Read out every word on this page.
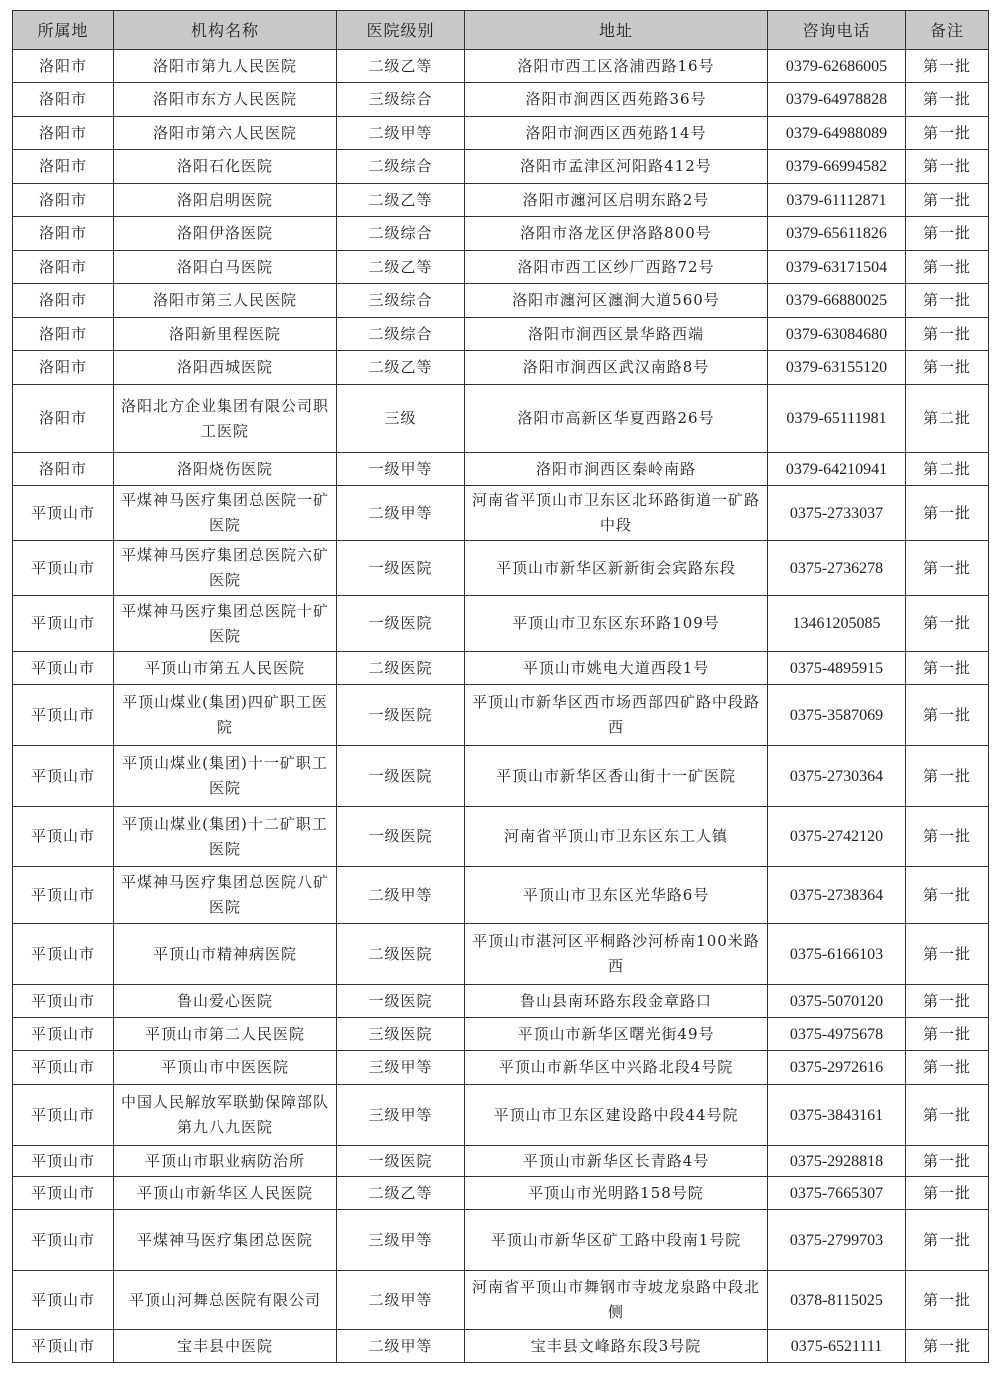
所属地	机构名称	医院级别	地址	咨询电话	备注
洛阳市	洛阳市第九人民医院	二级乙等	洛阳市西工区洛浦西路16号	0379-62686005	第一批
洛阳市	洛阳市东方人民医院	三级综合	洛阳市涧西区西苑路36号	0379-64978828	第一批
洛阳市	洛阳市第六人民医院	二级甲等	洛阳市涧西区西苑路14号	0379-64988089	第一批
洛阳市	洛阳石化医院	二级综合	洛阳市孟津区河阳路412号	0379-66994582	第一批
洛阳市	洛阳启明医院	二级乙等	洛阳市瀍河区启明东路2号	0379-61112871	第一批
洛阳市	洛阳伊洛医院	二级综合	洛阳市洛龙区伊洛路800号	0379-65611826	第一批
洛阳市	洛阳白马医院	二级乙等	洛阳市西工区纱厂西路72号	0379-63171504	第一批
洛阳市	洛阳市第三人民医院	三级综合	洛阳市瀍河区瀍涧大道560号	0379-66880025	第一批
洛阳市	洛阳新里程医院	二级综合	洛阳市涧西区景华路西端	0379-63084680	第一批
洛阳市	洛阳西城医院	二级乙等	洛阳市涧西区武汉南路8号	0379-63155120	第一批
洛阳市	洛阳北方企业集团有限公司职工医院	三级	洛阳市高新区华夏西路26号	0379-65111981	第二批
洛阳市	洛阳烧伤医院	一级甲等	洛阳市涧西区秦岭南路	0379-64210941	第二批
平顶山市	平煤神马医疗集团总医院一矿医院	二级甲等	河南省平顶山市卫东区北环路街道一矿路中段	0375-2733037	第一批
平顶山市	平煤神马医疗集团总医院六矿医院	一级医院	平顶山市新华区新新街会宾路东段	0375-2736278	第一批
平顶山市	平煤神马医疗集团总医院十矿医院	一级医院	平顶山市卫东区东环路109号	13461205085	第一批
平顶山市	平顶山市第五人民医院	二级医院	平顶山市姚电大道西段1号	0375-4895915	第一批
平顶山市	平顶山煤业(集团)四矿职工医院	一级医院	平顶山市新华区西市场西部四矿路中段路西	0375-3587069	第一批
平顶山市	平顶山煤业(集团)十一矿职工医院	一级医院	平顶山市新华区香山街十一矿医院	0375-2730364	第一批
平顶山市	平顶山煤业(集团)十二矿职工医院	一级医院	河南省平顶山市卫东区东工人镇	0375-2742120	第一批
平顶山市	平煤神马医疗集团总医院八矿医院	二级甲等	平顶山市卫东区光华路6号	0375-2738364	第一批
平顶山市	平顶山市精神病医院	二级医院	平顶山市湛河区平桐路沙河桥南100米路西	0375-6166103	第一批
平顶山市	鲁山爱心医院	一级医院	鲁山县南环路东段金章路口	0375-5070120	第一批
平顶山市	平顶山市第二人民医院	三级医院	平顶山市新华区曙光街49号	0375-4975678	第一批
平顶山市	平顶山市中医医院	三级甲等	平顶山市新华区中兴路北段4号院	0375-2972616	第一批
平顶山市	中国人民解放军联勤保障部队第九八九医院	三级甲等	平顶山市卫东区建设路中段44号院	0375-3843161	第一批
平顶山市	平顶山市职业病防治所	一级医院	平顶山市新华区长青路4号	0375-2928818	第一批
平顶山市	平顶山市新华区人民医院	二级乙等	平顶山市光明路158号院	0375-7665307	第一批
平顶山市	平煤神马医疗集团总医院	三级甲等	平顶山市新华区矿工路中段南1号院	0375-2799703	第一批
平顶山市	平顶山河舞总医院有限公司	二级甲等	河南省平顶山市舞钢市寺坡龙泉路中段北侧	0378-8115025	第一批
平顶山市	宝丰县中医院	二级甲等	宝丰县文峰路东段3号院	0375-6521111	第一批
